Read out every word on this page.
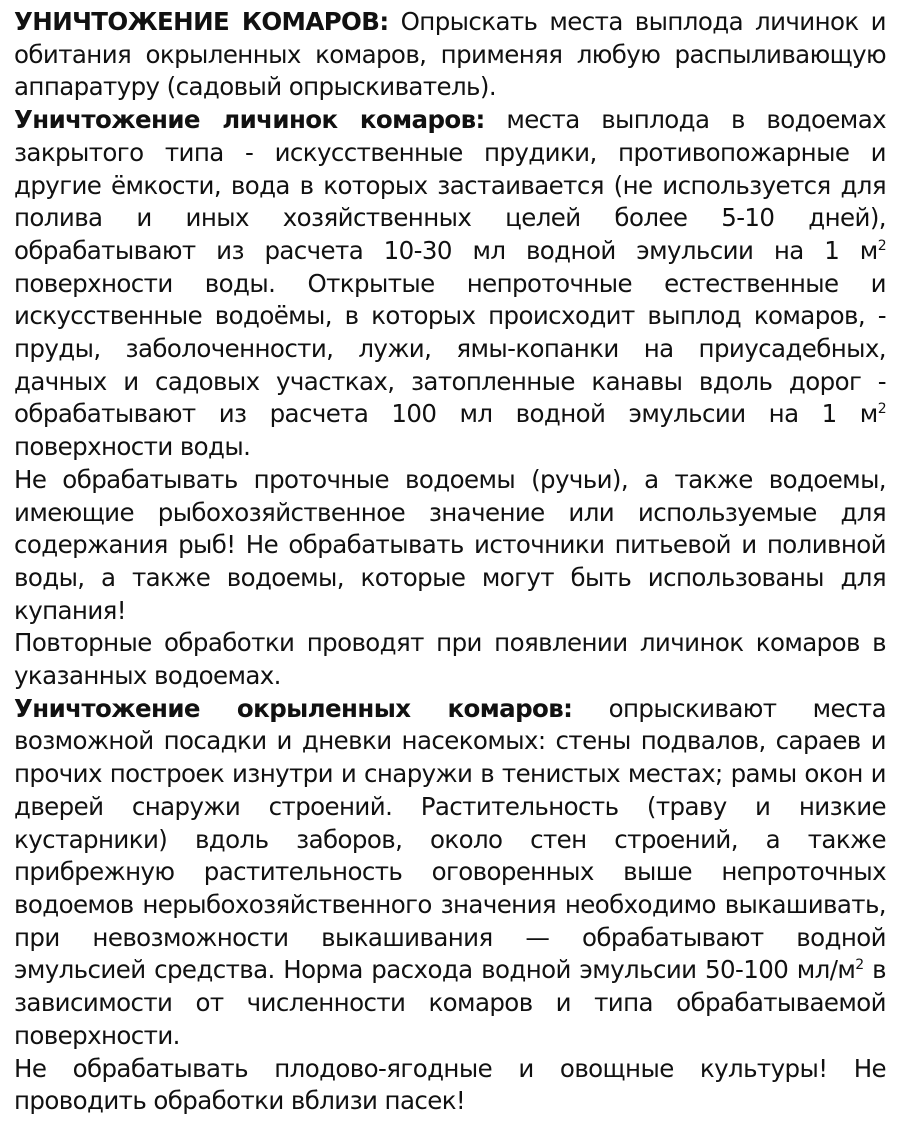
УНИЧТОЖЕНИЕ КОМАРОВ: Опрыскать места выплода личинок и обитания окрыленных комаров, применяя любую распыливающую аппаратуру (садовый опрыскиватель).

Уничтожение личинок комаров: места выплода в водоемах закрытого типа - искусственные прудики, противопожарные и другие ёмкости, вода в которых застаивается (не используется для полива и иных хозяйственных целей более 5-10 дней), обрабатывают из расчета 10-30 мл водной эмульсии на 1 $м^2$ поверхности воды. Открытые непроточные естественные и искусственные водоёмы, в которых происходит выплод комаров, - пруды, заболоченности, лужи, ямы-копанки на приусадебных, дачных и садовых участках, затопленные канавы вдоль дорог - обрабатывают из расчета 100 мл водной эмульсии на 1 $м^2$ поверхности воды.

Не обрабатывать проточные водоемы (ручьи), а также водоемы, имеющие рыбохозяйственное значение или используемые для содержания рыб! Не обрабатывать источники питьевой и поливной воды, а также водоемы, которые могут быть использованы для купания!

Повторные обработки проводят при появлении личинок комаров в указанных водоемах.

Уничтожение окрыленных комаров: опрыскивают места возможной посадки и дневки насекомых: стены подвалов, сараев и прочих построек изнутри и снаружи в тенистых местах; рамы окон и дверей снаружи строений. Растительность (траву и низкие кустарники) вдоль заборов, около стен строений, а также прибрежную растительность оговоренных выше непроточных водоемов нерыбохозяйственного значения необходимо выкашивать, при невозможности выкашивания — обрабатывают водной эмульсией средства. Норма расхода водной эмульсии 50-100 $мл/м^2$ в зависимости от численности комаров и типа обрабатываемой поверхности.

Не обрабатывать плодово-ягодные и овощные культуры! Не проводить обработки вблизи пасек!
